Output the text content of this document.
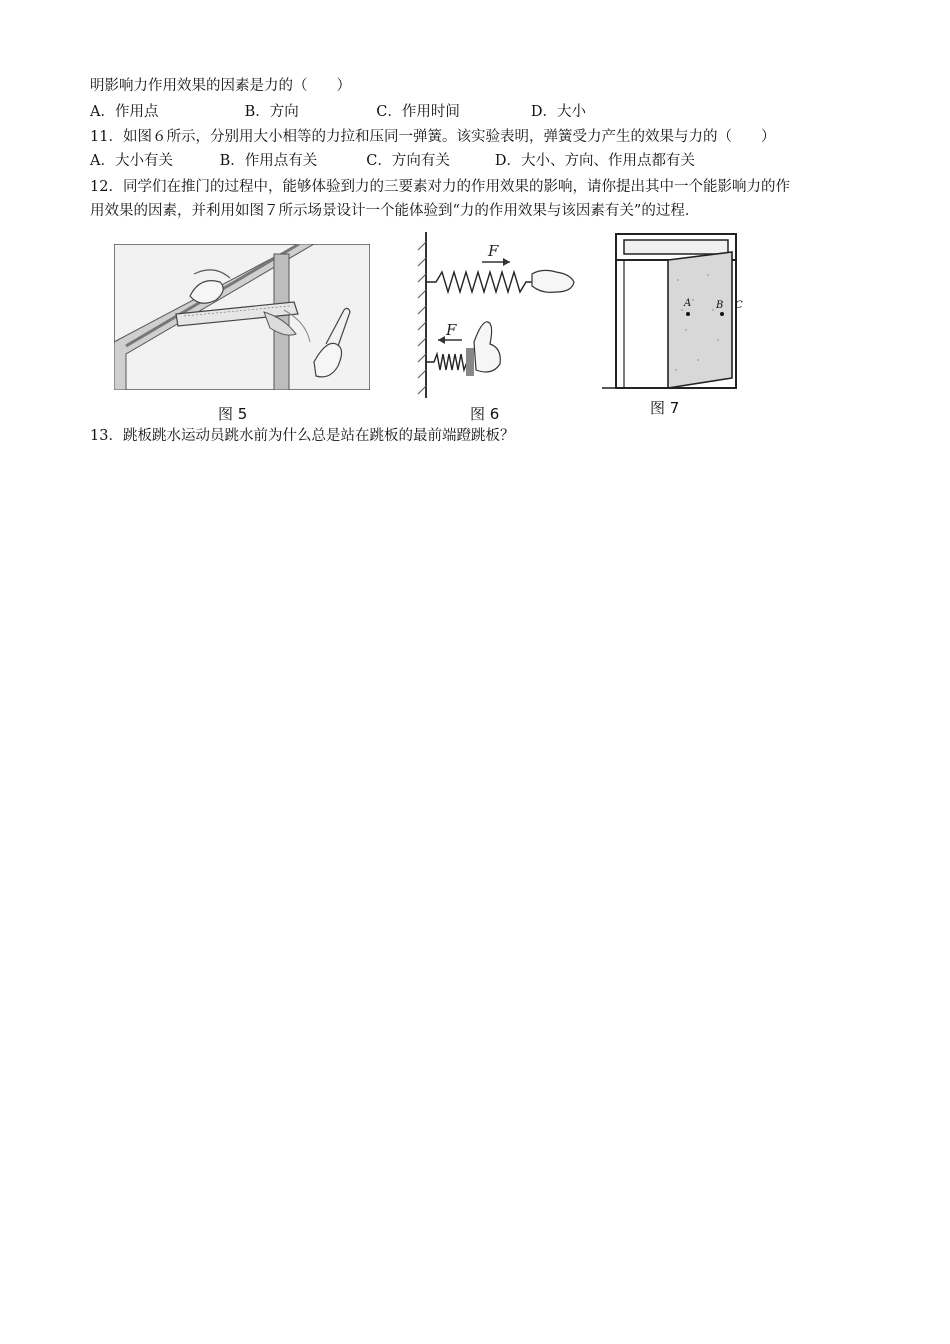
明影响力作用效果的因素是力的（　　）
A．作用点	B．方向	C．作用时间	D．大小
11．如图６所示，分别用大小相等的力拉和压同一弹簧。该实验表明，弹簧受力产生的效果与力的（　　）
A．大小有关	B．作用点有关	C．方向有关	D．大小、方向、作用点都有关
12．同学们在推门的过程中，能够体验到力的三要素对力的作用效果的影响，请你提出其中一个能影响力的作
用效果的因素，并利用如图７所示场景设计一个能体验到“力的作用效果与该因素有关”的过程．
图 5
F
F
图 6
A B C
图 7
13．跳板跳水运动员跳水前为什么总是站在跳板的最前端蹬跳板？
